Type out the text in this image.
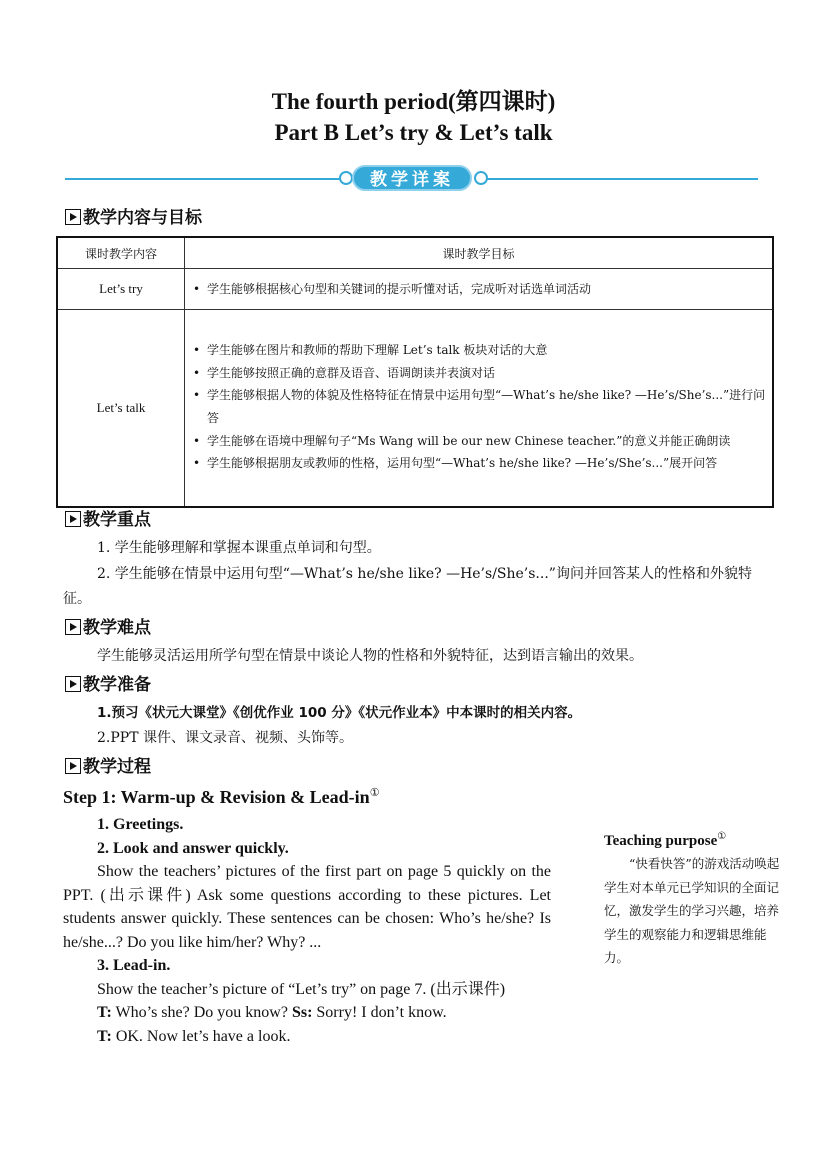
The fourth period(第四课时)
Part B Let’s try & Let’s talk
教学详案
教学内容与目标
课时教学内容	课时教学目标
Let’s try	• 学生能够根据核心句型和关键词的提示听懂对话，完成听对话选单词活动

Let’s talk	• 学生能够在图片和教师的帮助下理解 Let’s talk 板块对话的大意
• 学生能够按照正确的意群及语音、语调朗读并表演对话
• 学生能够根据人物的体貌及性格特征在情景中运用句型“—What’s he/she like? —He’s/She’s...”进行问答
• 学生能够在语境中理解句子“Ms Wang will be our new Chinese teacher.”的意义并能正确朗读
• 学生能够根据朋友或教师的性格，运用句型“—What’s he/she like? —He’s/She’s...”展开问答
教学重点
1. 学生能够理解和掌握本课重点单词和句型。
2. 学生能够在情景中运用句型“—What’s he/she like? —He’s/She’s...”询问并回答某人的性格和外貌特征。
教学难点
学生能够灵活运用所学句型在情景中谈论人物的性格和外貌特征，达到语言输出的效果。
教学准备
1.预习《状元大课堂》《创优作业 100 分》《状元作业本》中本课时的相关内容。
2.PPT 课件、课文录音、视频、头饰等。
教学过程
Step 1: Warm-up & Revision & Lead-in①
1. Greetings.
2. Look and answer quickly.
Show the teachers’ pictures of the first part on page 5 quickly on the PPT. (出示课件) Ask some questions according to these pictures. Let students answer quickly. These sentences can be chosen: Who’s he/she? Is he/she...? Do you like him/her? Why? ...
3. Lead-in.
Show the teacher’s picture of “Let’s try” on page 7. (出示课件)
T: Who’s she? Do you know? Ss: Sorry! I don’t know.
T: OK. Now let’s have a look.
Teaching purpose①
“快看快答”的游戏活动唤起学生对本单元已学知识的全面记忆，激发学生的学习兴趣，培养学生的观察能力和逻辑思维能力。
